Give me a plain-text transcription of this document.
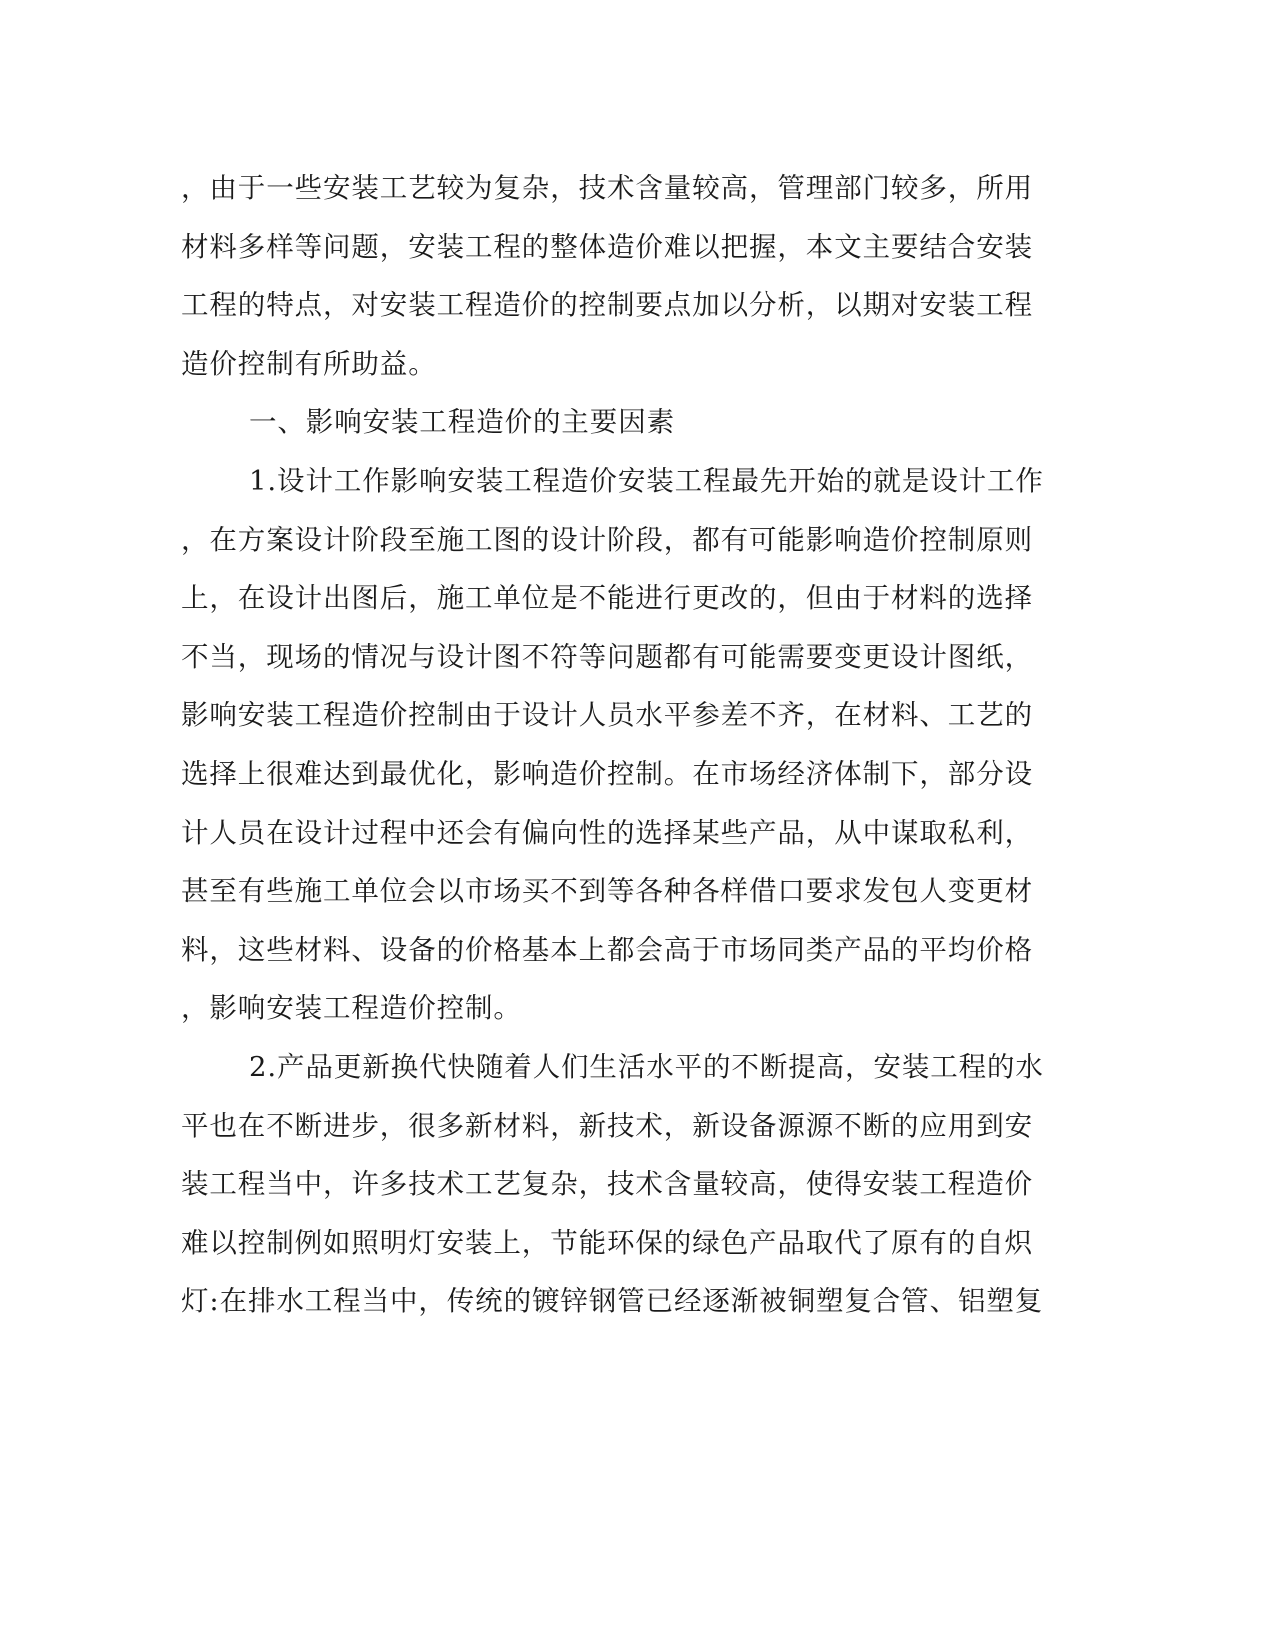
，由于一些安装工艺较为复杂，技术含量较高，管理部门较多，所用
材料多样等问题，安装工程的整体造价难以把握，本文主要结合安装
工程的特点，对安装工程造价的控制要点加以分析，以期对安装工程
造价控制有所助益。
一、影响安装工程造价的主要因素
1.设计工作影响安装工程造价安装工程最先开始的就是设计工作
，在方案设计阶段至施工图的设计阶段，都有可能影响造价控制原则
上，在设计出图后，施工单位是不能进行更改的，但由于材料的选择
不当，现场的情况与设计图不符等问题都有可能需要变更设计图纸，
影响安装工程造价控制由于设计人员水平参差不齐，在材料、工艺的
选择上很难达到最优化，影响造价控制。在市场经济体制下，部分设
计人员在设计过程中还会有偏向性的选择某些产品，从中谋取私利，
甚至有些施工单位会以市场买不到等各种各样借口要求发包人变更材
料，这些材料、设备的价格基本上都会高于市场同类产品的平均价格
，影响安装工程造价控制。
2.产品更新换代快随着人们生活水平的不断提高，安装工程的水
平也在不断进步，很多新材料，新技术，新设备源源不断的应用到安
装工程当中，许多技术工艺复杂，技术含量较高，使得安装工程造价
难以控制例如照明灯安装上，节能环保的绿色产品取代了原有的自炽
灯:在排水工程当中，传统的镀锌钢管已经逐渐被铜塑复合管、铝塑复
